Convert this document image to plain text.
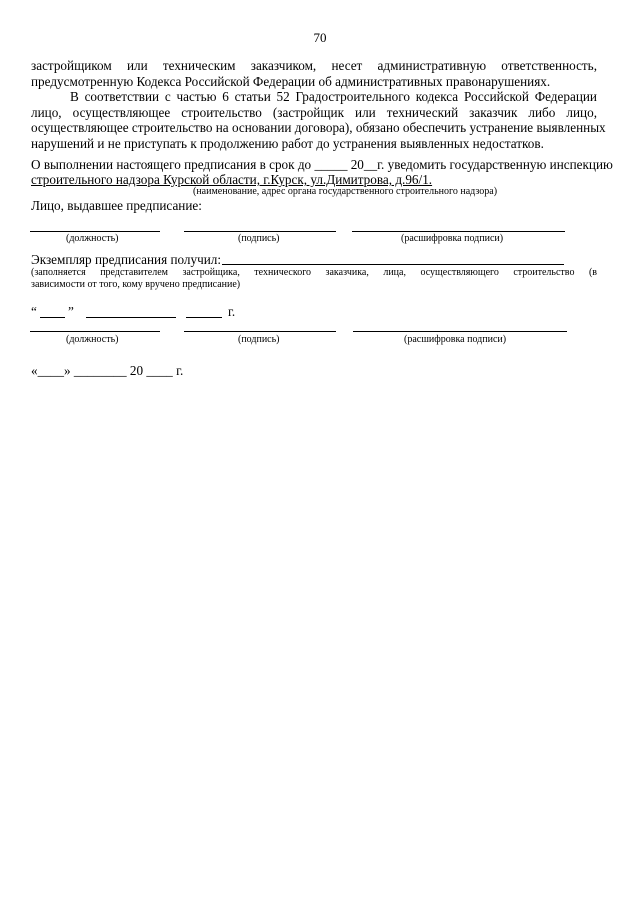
70
застройщиком или техническим заказчиком, несет административную ответственность,
предусмотренную Кодекса Российской Федерации об административных правонарушениях.
В соответствии с частью 6 статьи 52 Градостроительного кодекса Российской Федерации
лицо, осуществляющее строительство (застройщик или технический заказчик либо лицо,
осуществляющее строительство на основании договора), обязано обеспечить устранение выявленных
нарушений и не приступать к продолжению работ до устранения выявленных недостатков.
О выполнении настоящего предписания в срок до _____ 20__г. уведомить государственную инспекцию
строительного надзора Курской области, г.Курск, ул.Димитрова, д.96/1.
(наименование, адрес органа государственного строительного надзора)
Лицо, выдавшее предписание:
(должность)	(подпись)	(расшифровка подписи)
Экземпляр предписания получил:
(заполняется представителем застройщика, технического заказчика, лица, осуществляющего строительство (в
зависимости от того, кому вручено предписание)
“ ”	г.
(должность)	(подпись)	(расшифровка подписи)
«____» ________ 20 ____ г.
